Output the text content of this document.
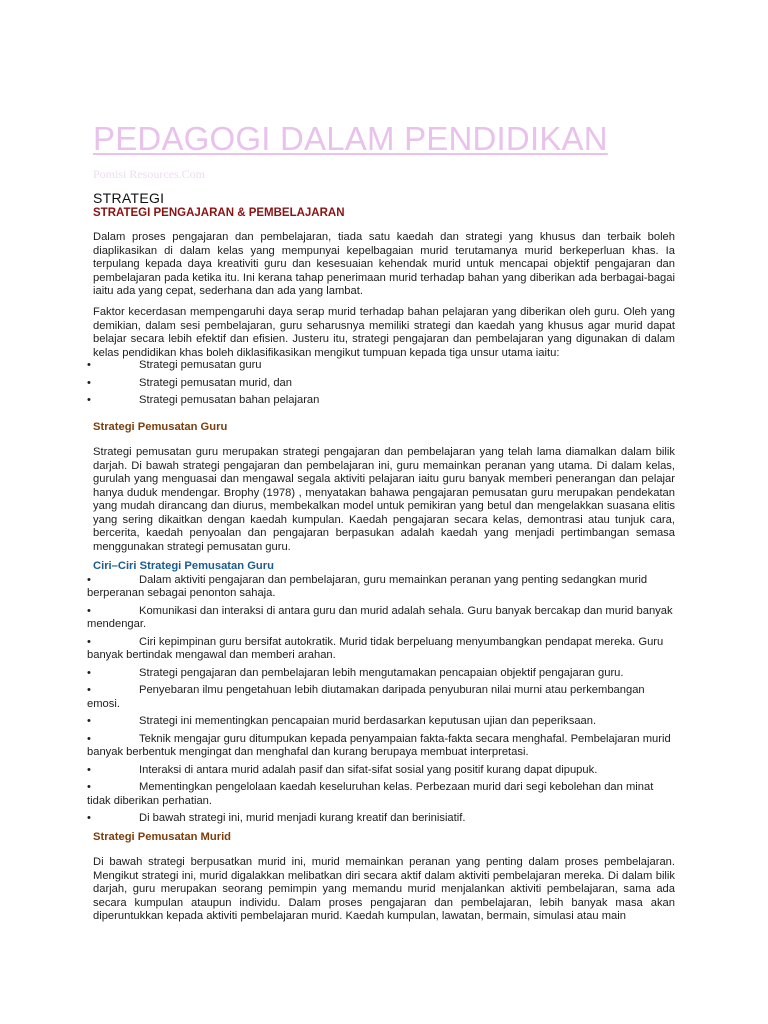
PEDAGOGI DALAM PENDIDIKAN
Pomisi Resources.Com
STRATEGI
STRATEGI PENGAJARAN & PEMBELAJARAN
Dalam proses pengajaran dan pembelajaran, tiada satu kaedah dan strategi yang khusus dan terbaik boleh diaplikasikan di dalam kelas yang mempunyai kepelbagaian murid terutamanya murid berkeperluan khas. Ia terpulang kepada daya kreativiti guru dan kesesuaian kehendak murid untuk mencapai objektif pengajaran dan pembelajaran pada ketika itu. Ini kerana tahap penerimaan murid terhadap bahan yang diberikan ada berbagai-bagai iaitu ada yang cepat, sederhana dan ada yang lambat.
Faktor kecerdasan mempengaruhi daya serap murid terhadap bahan pelajaran yang diberikan oleh guru. Oleh yang demikian, dalam sesi pembelajaran, guru seharusnya memiliki strategi dan kaedah yang khusus agar murid dapat belajar secara lebih efektif dan efisien. Justeru itu, strategi pengajaran dan pembelajaran yang digunakan di dalam kelas pendidikan khas boleh diklasifikasikan mengikut tumpuan kepada tiga unsur utama iaitu:
•	Strategi pemusatan guru
•	Strategi pemusatan murid, dan
•	Strategi pemusatan bahan pelajaran
Strategi Pemusatan Guru
Strategi pemusatan guru merupakan strategi pengajaran dan pembelajaran yang telah lama diamalkan dalam bilik darjah. Di bawah strategi pengajaran dan pembelajaran ini, guru memainkan peranan yang utama. Di dalam kelas, gurulah yang menguasai dan mengawal segala aktiviti pelajaran iaitu guru banyak memberi penerangan dan pelajar hanya duduk mendengar. Brophy (1978) , menyatakan bahawa pengajaran pemusatan guru merupakan pendekatan yang mudah dirancang dan diurus, membekalkan model untuk pemikiran yang betul dan mengelakkan suasana elitis yang sering dikaitkan dengan kaedah kumpulan. Kaedah pengajaran secara kelas, demontrasi atau tunjuk cara, bercerita, kaedah penyoalan dan pengajaran berpasukan adalah kaedah yang menjadi pertimbangan semasa menggunakan strategi pemusatan guru.
Ciri–Ciri Strategi Pemusatan Guru
•	Dalam aktiviti pengajaran dan pembelajaran, guru memainkan peranan yang penting sedangkan murid berperanan sebagai penonton sahaja.
•	Komunikasi dan interaksi di antara guru dan murid adalah sehala. Guru banyak bercakap dan murid banyak mendengar.
•	Ciri kepimpinan guru bersifat autokratik. Murid tidak berpeluang menyumbangkan pendapat mereka. Guru banyak bertindak mengawal dan memberi arahan.
•	Strategi pengajaran dan pembelajaran lebih mengutamakan pencapaian objektif pengajaran guru.
•	Penyebaran ilmu pengetahuan lebih diutamakan daripada penyuburan nilai murni atau perkembangan emosi.
•	Strategi ini mementingkan pencapaian murid berdasarkan keputusan ujian dan peperiksaan.
•	Teknik mengajar guru ditumpukan kepada penyampaian fakta-fakta secara menghafal. Pembelajaran murid banyak berbentuk mengingat dan menghafal dan kurang berupaya membuat interpretasi.
•	Interaksi di antara murid adalah pasif dan sifat-sifat sosial yang positif kurang dapat dipupuk.
•	Mementingkan pengelolaan kaedah keseluruhan kelas. Perbezaan murid dari segi kebolehan dan minat tidak diberikan perhatian.
•	Di bawah strategi ini, murid menjadi kurang kreatif dan berinisiatif.
Strategi Pemusatan Murid
Di bawah strategi berpusatkan murid ini, murid memainkan peranan yang penting dalam proses pembelajaran. Mengikut strategi ini, murid digalakkan melibatkan diri secara aktif dalam aktiviti pembelajaran mereka. Di dalam bilik darjah, guru merupakan seorang pemimpin yang memandu murid menjalankan aktiviti pembelajaran, sama ada secara kumpulan ataupun individu. Dalam proses pengajaran dan pembelajaran, lebih banyak masa akan diperuntukkan kepada aktiviti pembelajaran murid. Kaedah kumpulan, lawatan, bermain, simulasi atau main
